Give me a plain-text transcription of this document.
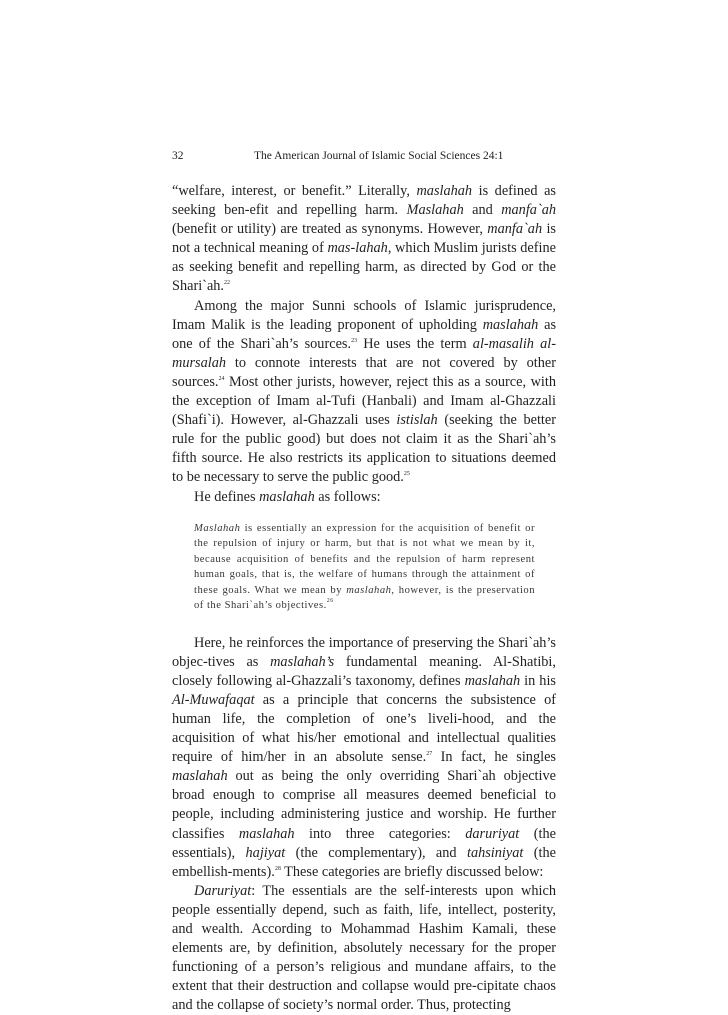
32	The American Journal of Islamic Social Sciences 24:1

“welfare, interest, or benefit.” Literally, maslahah is defined as seeking ben-efit and repelling harm. Maslahah and manfa`ah (benefit or utility) are treated as synonyms. However, manfa`ah is not a technical meaning of mas-lahah, which Muslim jurists define as seeking benefit and repelling harm, as directed by God or the Shari`ah.$^{22}$

Among the major Sunni schools of Islamic jurisprudence, Imam Malik is the leading proponent of upholding maslahah as one of the Shari`ah’s sources.$^{23}$ He uses the term al-masalih al-mursalah to connote interests that are not covered by other sources.$^{24}$ Most other jurists, however, reject this as a source, with the exception of Imam al-Tufi (Hanbali) and Imam al-Ghazzali (Shafi`i). However, al-Ghazzali uses istislah (seeking the better rule for the public good) but does not claim it as the Shari`ah’s fifth source. He also restricts its application to situations deemed to be necessary to serve the public good.$^{25}$

He defines maslahah as follows:

Maslahah is essentially an expression for the acquisition of benefit or the repulsion of injury or harm, but that is not what we mean by it, because acquisition of benefits and the repulsion of harm represent human goals, that is, the welfare of humans through the attainment of these goals. What we mean by maslahah, however, is the preservation of the Shari`ah’s objectives.$^{26}$

Here, he reinforces the importance of preserving the Shari`ah’s objec-tives as maslahah’s fundamental meaning. Al-Shatibi, closely following al-Ghazzali’s taxonomy, defines maslahah in his Al-Muwafaqat as a principle that concerns the subsistence of human life, the completion of one’s liveli-hood, and the acquisition of what his/her emotional and intellectual qualities require of him/her in an absolute sense.$^{27}$ In fact, he singles maslahah out as being the only overriding Shari`ah objective broad enough to comprise all measures deemed beneficial to people, including administering justice and worship. He further classifies maslahah into three categories: daruriyat (the essentials), hajiyat (the complementary), and tahsiniyat (the embellish-ments).$^{28}$ These categories are briefly discussed below:

Daruriyat: The essentials are the self-interests upon which people essentially depend, such as faith, life, intellect, posterity, and wealth. According to Mohammad Hashim Kamali, these elements are, by definition, absolutely necessary for the proper functioning of a person’s religious and mundane affairs, to the extent that their destruction and collapse would pre-cipitate chaos and the collapse of society’s normal order. Thus, protecting
